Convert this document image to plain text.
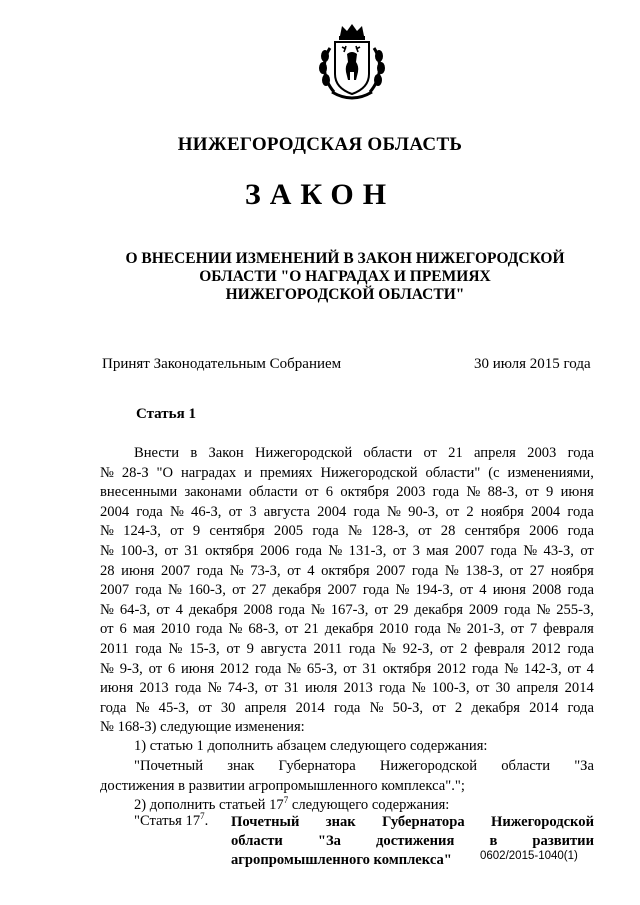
НИЖЕГОРОДСКАЯ ОБЛАСТЬ
ЗАКОН
О ВНЕСЕНИИ ИЗМЕНЕНИЙ В ЗАКОН НИЖЕГОРОДСКОЙ
ОБЛАСТИ "О НАГРАДАХ И ПРЕМИЯХ
НИЖЕГОРОДСКОЙ ОБЛАСТИ"
Принят Законодательным Собранием	30 июля 2015 года
Статья 1
Внести в Закон Нижегородской области от 21 апреля 2003 года
№ 28-З "О наградах и премиях Нижегородской области" (с изменениями,
внесенными законами области от 6 октября 2003 года № 88-З, от 9 июня
2004 года № 46-З, от 3 августа 2004 года № 90-З, от 2 ноября 2004 года
№ 124-З, от 9 сентября 2005 года № 128-З, от 28 сентября 2006 года
№ 100-З, от 31 октября 2006 года № 131-З, от 3 мая 2007 года № 43-З, от
28 июня 2007 года № 73-З, от 4 октября 2007 года № 138-З, от 27 ноября
2007 года № 160-З, от 27 декабря 2007 года № 194-З, от 4 июня 2008 года
№ 64-З, от 4 декабря 2008 года № 167-З, от 29 декабря 2009 года № 255-З,
от 6 мая 2010 года № 68-З, от 21 декабря 2010 года № 201-З, от 7 февраля
2011 года № 15-З, от 9 августа 2011 года № 92-З, от 2 февраля 2012 года
№ 9-З, от 6 июня 2012 года № 65-З, от 31 октября 2012 года № 142-З, от 4
июня 2013 года № 74-З, от 31 июля 2013 года № 100-З, от 30 апреля 2014
года № 45-З, от 30 апреля 2014 года № 50-З, от 2 декабря 2014 года
№ 168-З) следующие изменения:
1) статью 1 дополнить абзацем следующего содержания:
"Почетный знак Губернатора Нижегородской области "За
достижения в развитии агропромышленного комплекса".";
2) дополнить статьей $17^7$ следующего содержания:
"Статья $17^7$. Почетный знак Губернатора Нижегородской
области "За достижения в развитии
агропромышленного комплекса"	0602/2015-1040(1)
